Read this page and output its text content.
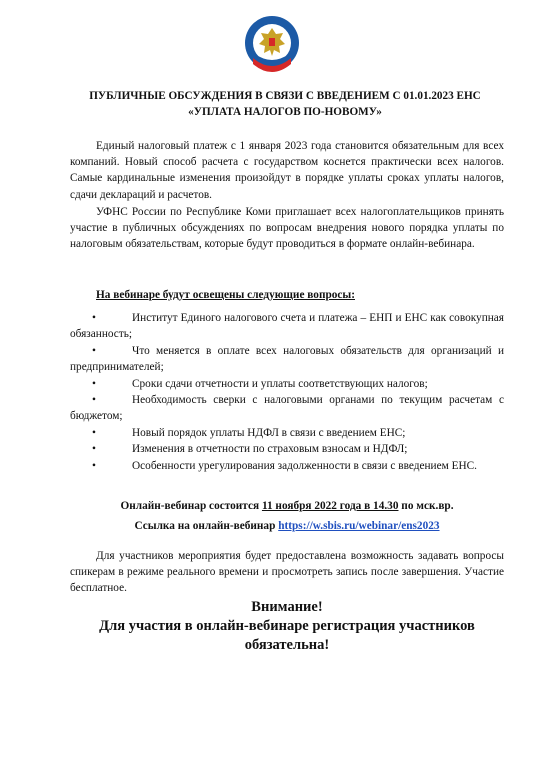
ПУБЛИЧНЫЕ ОБСУЖДЕНИЯ В СВЯЗИ С ВВЕДЕНИЕМ С 01.01.2023 ЕНС
«УПЛАТА НАЛОГОВ ПО-НОВОМУ»

Единый налоговый платеж с 1 января 2023 года становится обязательным для всех компаний. Новый способ расчета с государством коснется практически всех налогов. Самые кардинальные изменения произойдут в порядке уплаты сроках уплаты налогов, сдачи деклараций и расчетов.

УФНС России по Республике Коми приглашает всех налогоплательщиков принять участие в публичных обсуждениях по вопросам внедрения нового порядка уплаты по налоговым обязательствам, которые будут проводиться в формате онлайн-вебинара.

На вебинаре будут освещены следующие вопросы:
•	Институт Единого налогового счета и платежа – ЕНП и ЕНС как совокупная обязанность;
•	Что меняется в оплате всех налоговых обязательств для организаций и предпринимателей;
•	Сроки сдачи отчетности и уплаты соответствующих налогов;
•	Необходимость сверки с налоговыми органами по текущим расчетам с бюджетом;
•	Новый порядок уплаты НДФЛ в связи с введением ЕНС;
•	Изменения в отчетности по страховым взносам и НДФЛ;
•	Особенности урегулирования задолженности в связи с введением ЕНС.
Онлайн-вебинар состоится 11 ноября 2022 года в 14.30 по мск.вр.
Ссылка на онлайн-вебинар https://w.sbis.ru/webinar/ens2023

Для участников мероприятия будет предоставлена возможность задавать вопросы спикерам в режиме реального времени и просмотреть запись после завершения. Участие бесплатное.

Внимание!
Для участия в онлайн-вебинаре регистрация участников
обязательна!
